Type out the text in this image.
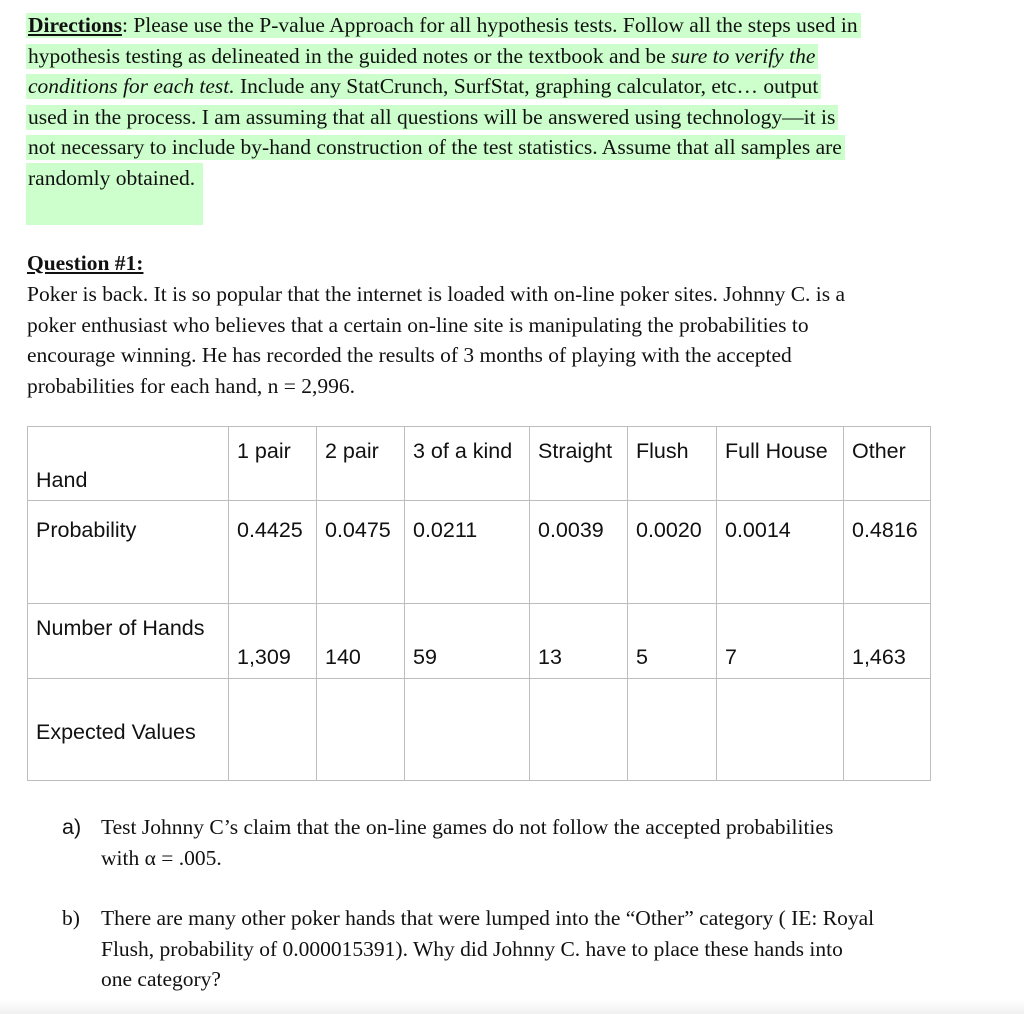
Directions: Please use the P-value Approach for all hypothesis tests. Follow all the steps used in
hypothesis testing as delineated in the guided notes or the textbook and be sure to verify the
conditions for each test. Include any StatCrunch, SurfStat, graphing calculator, etc… output
used in the process. I am assuming that all questions will be answered using technology—it is
not necessary to include by-hand construction of the test statistics. Assume that all samples are
randomly obtained.
Question #1:
Poker is back. It is so popular that the internet is loaded with on-line poker sites. Johnny C. is a
poker enthusiast who believes that a certain on-line site is manipulating the probabilities to
encourage winning. He has recorded the results of 3 months of playing with the accepted
probabilities for each hand, n = 2,996.
Hand	1 pair	2 pair	3 of a kind	Straight	Flush	Full House	Other

Probability	0.4425	0.0475	0.0211	0.0039	0.0020	0.0014	0.4816

Number of Hands	1,309	140	59	13	5	7	1,463

Expected Values							

a) Test Johnny C’s claim that the on-line games do not follow the accepted probabilities
with α = .005.
b) There are many other poker hands that were lumped into the “Other” category ( IE: Royal
Flush, probability of 0.000015391). Why did Johnny C. have to place these hands into
one category?
